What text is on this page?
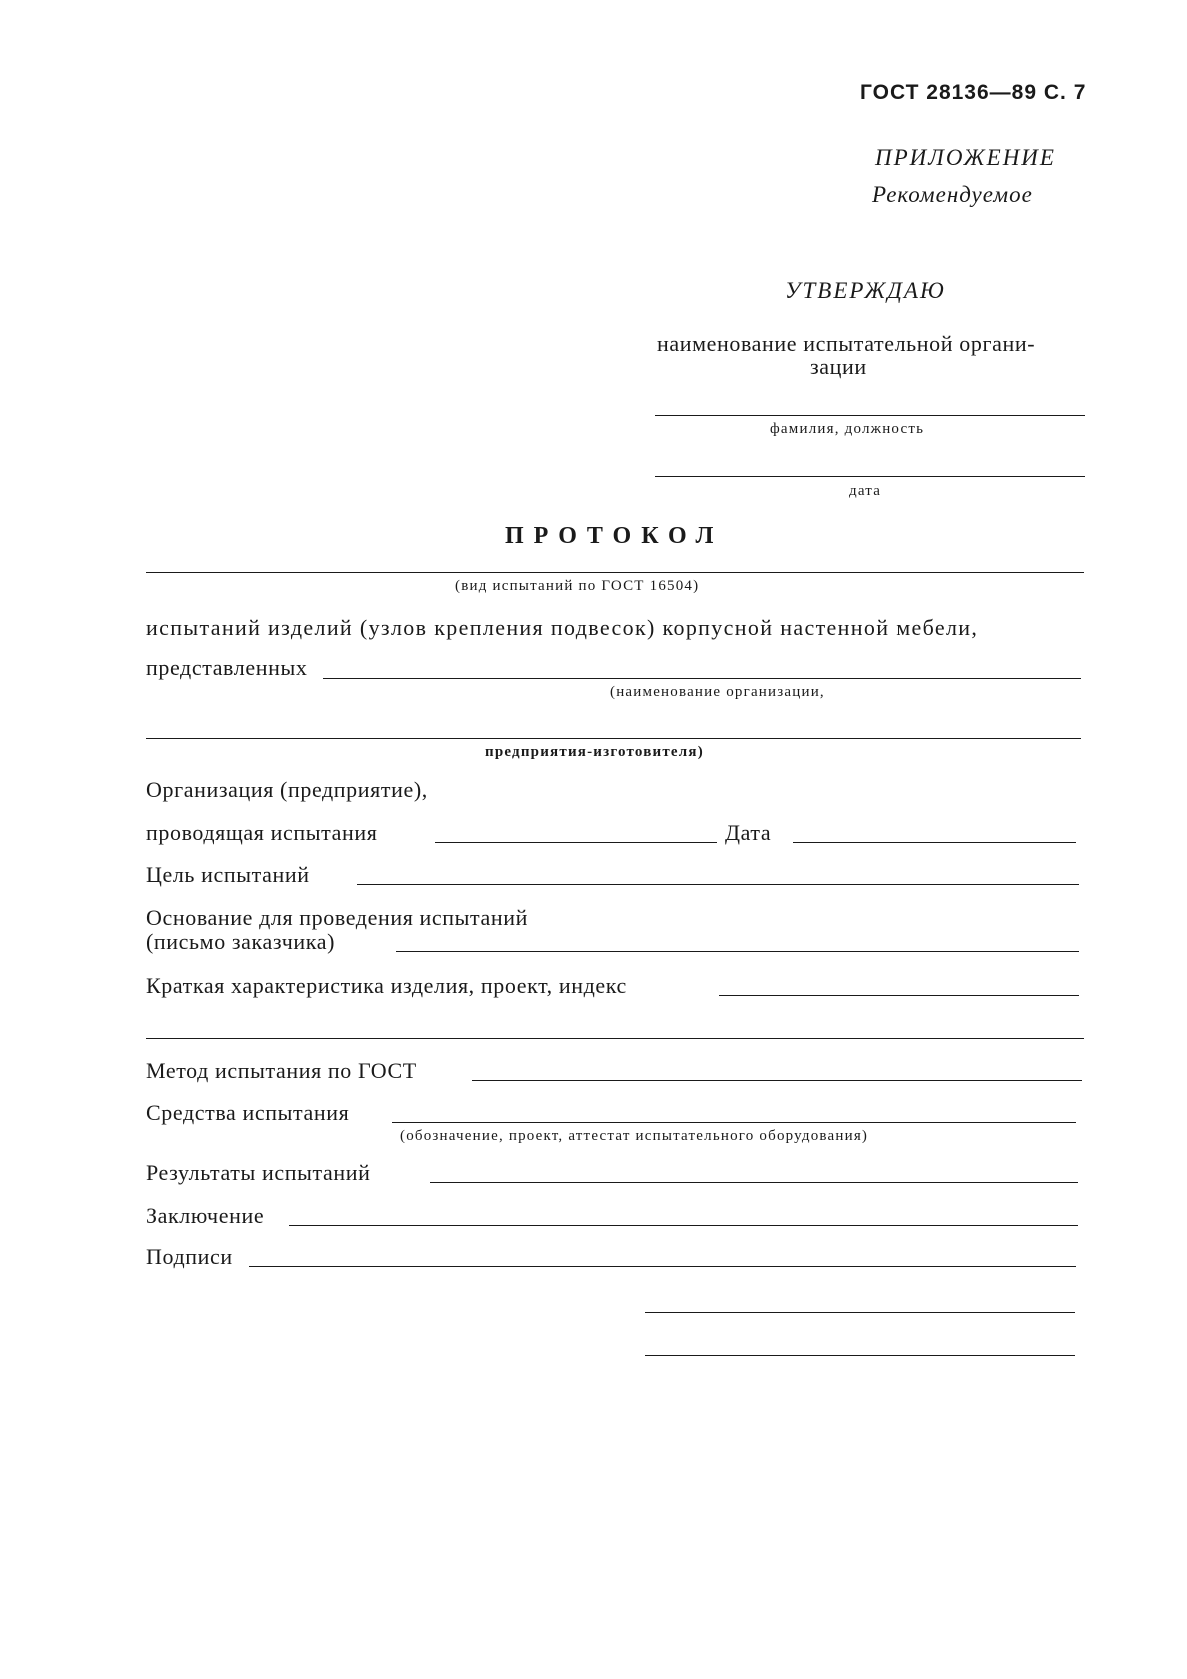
ГОСТ 28136—89 С. 7
ПРИЛОЖЕНИЕ
Рекомендуемое
УТВЕРЖДАЮ
наименование испытательной органи-
зации
фамилия, должность
дата
ПРОТОКОЛ
(вид испытаний по ГОСТ 16504)
испытаний изделий (узлов крепления подвесок) корпусной настенной мебели,
представленных
(наименование организации,
предприятия-изготовителя)
Организация (предприятие),
проводящая испытания	Дата
Цель испытаний
Основание для проведения испытаний
(письмо заказчика)
Краткая характеристика изделия, проект, индекс
Метод испытания по ГОСТ
Средства испытания
(обозначение, проект, аттестат испытательного оборудования)
Результаты испытаний
Заключение
Подписи
